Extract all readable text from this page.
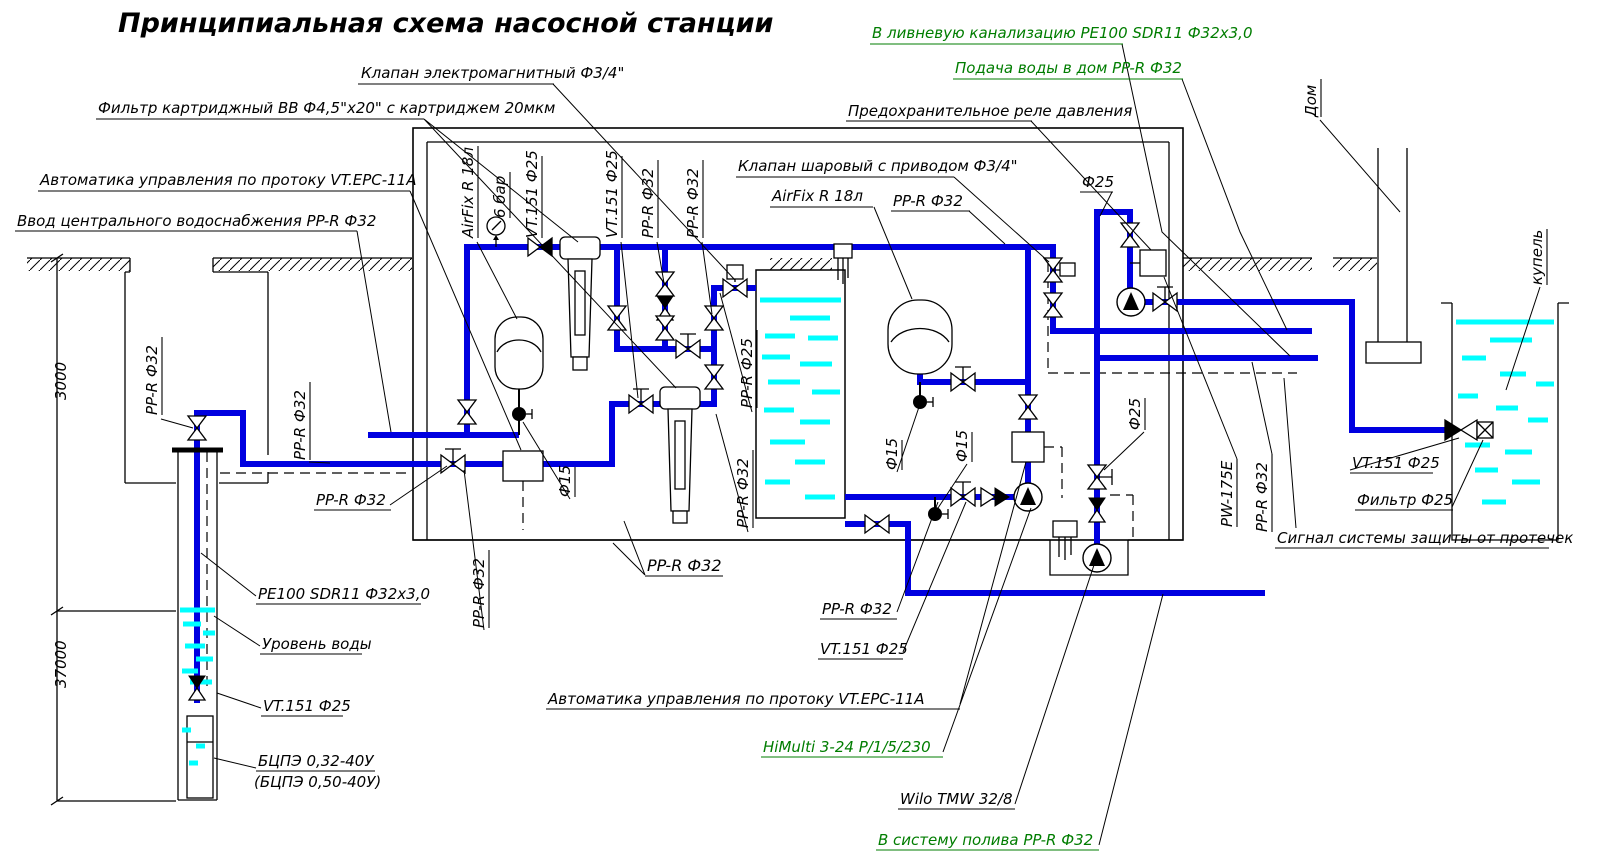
Принципиальная схема насосной станции
Клапан электромагнитный Ф3/4"
Фильтр картриджный BB Ф4,5"x20" с картриджем 20мкм
Автоматика управления по протоку VT.EPC-11A
Ввод центрального водоснабжения PP-R Ф32
В ливневую канализацию PE100 SDR11 Ф32x3,0
Подача воды в дом PP-R Ф32
Предохранительное реле давления
Клапан шаровый с приводом Ф3/4"
AirFix R 18л PP-R Ф32
Ф25
VT.151 Ф25
Фильтр Ф25
Сигнал системы защиты от протечек
PE100 SDR11 Ф32x3,0
Уровень воды
VT.151 Ф25
БЦПЭ 0,32-40У
(БЦПЭ 0,50-40У)
PP-R Ф32
PP-R Ф32
PP-R Ф32
VT.151 Ф25
Автоматика управления по протоку VT.EPC-11A
HiMulti 3-24 P/1/5/230
Wilo TMW 32/8
В систему полива PP-R Ф32
3000
37000
PP-R Ф32
PP-R Ф32
AirFix R 18л 6 бар VT.151 Ф25	VT.151 Ф25 PP-R Ф32 PP-R Ф32
PP-R Ф25
PP-R Ф32
PP-R Ф32
Ф15
Ф15	Ф15
Ф25
PW-175E PP-R Ф32
Дом
купель
